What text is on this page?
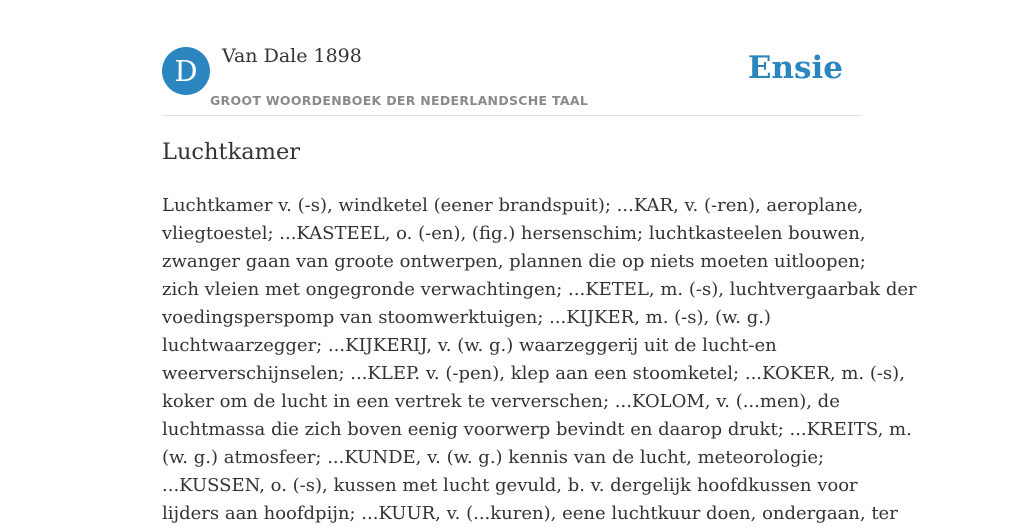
D	Van Dale 1898
GROOT WOORDENBOEK DER NEDERLANDSCHE TAAL
Ensie
Luchtkamer
Luchtkamer v. (-s), windketel (eener brandspuit); ...KAR, v. (-ren), aeroplane,
vliegtoestel; ...KASTEEL, o. (-en), (fig.) hersenschim; luchtkasteelen bouwen,
zwanger gaan van groote ontwerpen, plannen die op niets moeten uitloopen;
zich vleien met ongegronde verwachtingen; ...KETEL, m. (-s), luchtvergaarbak der
voedingsperspomp van stoomwerktuigen; ...KIJKER, m. (-s), (w. g.)
luchtwaarzegger; ...KIJKERIJ, v. (w. g.) waarzeggerij uit de lucht-en
weerverschijnselen; ...KLEP. v. (-pen), klep aan een stoomketel; ...KOKER, m. (-s),
koker om de lucht in een vertrek te ververschen; ...KOLOM, v. (...men), de
luchtmassa die zich boven eenig voorwerp bevindt en daarop drukt; ...KREITS, m.
(w. g.) atmosfeer; ...KUNDE, v. (w. g.) kennis van de lucht, meteorologie;
...KUSSEN, o. (-s), kussen met lucht gevuld, b. v. dergelijk hoofdkussen voor
lijders aan hoofdpijn; ...KUUR, v. (...kuren), eene luchtkuur doen, ondergaan, ter
